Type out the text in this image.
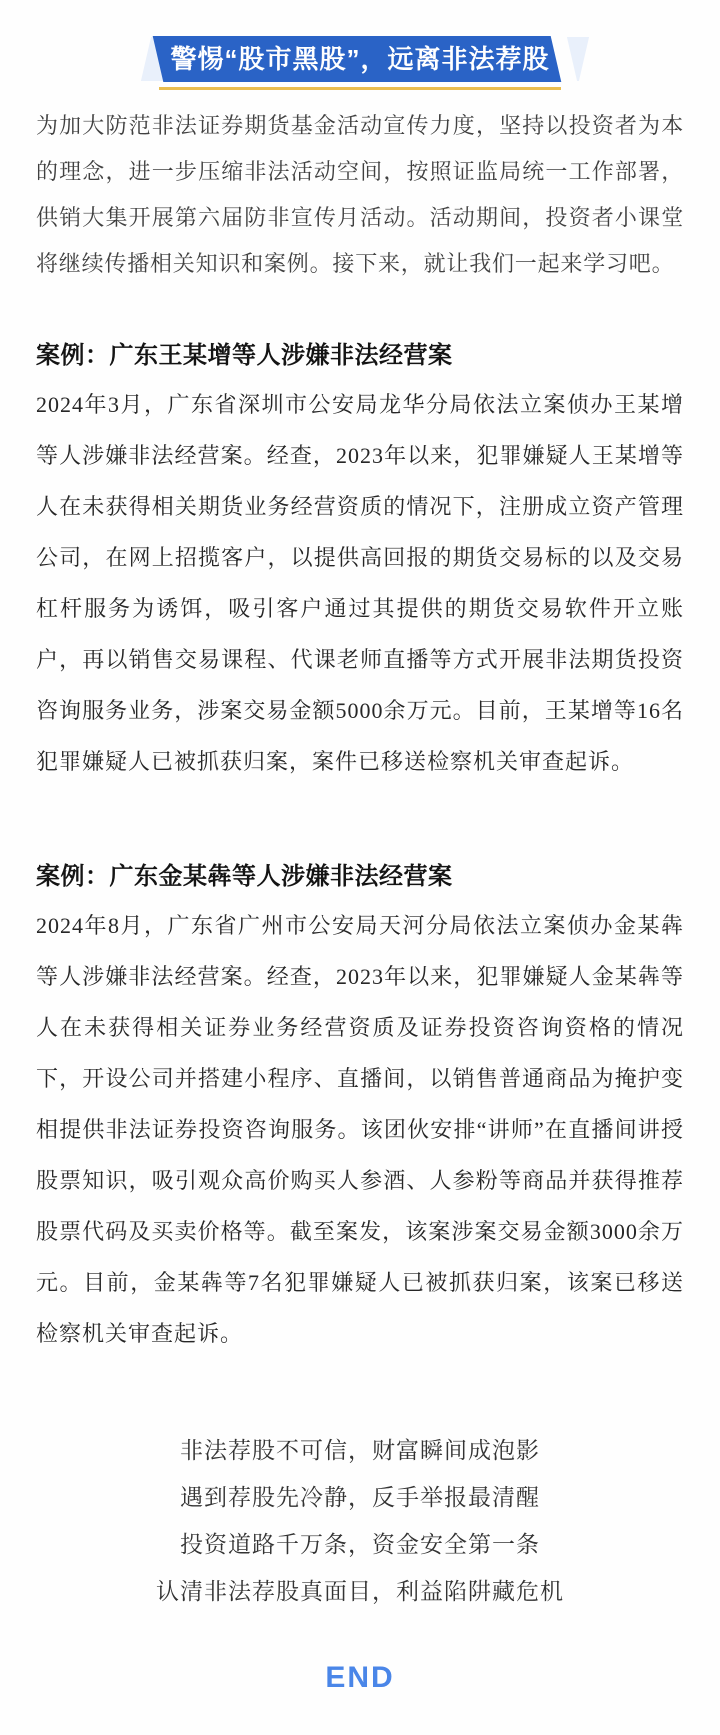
警惕“股市黑股”，远离非法荐股

为加大防范非法证券期货基金活动宣传力度，坚持以投资者为本的理念，进一步压缩非法活动空间，按照证监局统一工作部署，供销大集开展第六届防非宣传月活动。活动期间，投资者小课堂将继续传播相关知识和案例。接下来，就让我们一起来学习吧。

案例：广东王某增等人涉嫌非法经营案

2024年3月，广东省深圳市公安局龙华分局依法立案侦办王某增等人涉嫌非法经营案。经查，2023年以来，犯罪嫌疑人王某增等人在未获得相关期货业务经营资质的情况下，注册成立资产管理公司，在网上招揽客户，以提供高回报的期货交易标的以及交易杠杆服务为诱饵，吸引客户通过其提供的期货交易软件开立账户，再以销售交易课程、代课老师直播等方式开展非法期货投资咨询服务业务，涉案交易金额5000余万元。目前，王某增等16名犯罪嫌疑人已被抓获归案，案件已移送检察机关审查起诉。

案例：广东金某犇等人涉嫌非法经营案

2024年8月，广东省广州市公安局天河分局依法立案侦办金某犇等人涉嫌非法经营案。经查，2023年以来，犯罪嫌疑人金某犇等人在未获得相关证券业务经营资质及证券投资咨询资格的情况下，开设公司并搭建小程序、直播间，以销售普通商品为掩护变相提供非法证券投资咨询服务。该团伙安排“讲师”在直播间讲授股票知识，吸引观众高价购买人参酒、人参粉等商品并获得推荐股票代码及买卖价格等。截至案发，该案涉案交易金额3000余万元。目前，金某犇等7名犯罪嫌疑人已被抓获归案，该案已移送检察机关审查起诉。

非法荐股不可信，财富瞬间成泡影
遇到荐股先冷静，反手举报最清醒
投资道路千万条，资金安全第一条
认清非法荐股真面目，利益陷阱藏危机
END
